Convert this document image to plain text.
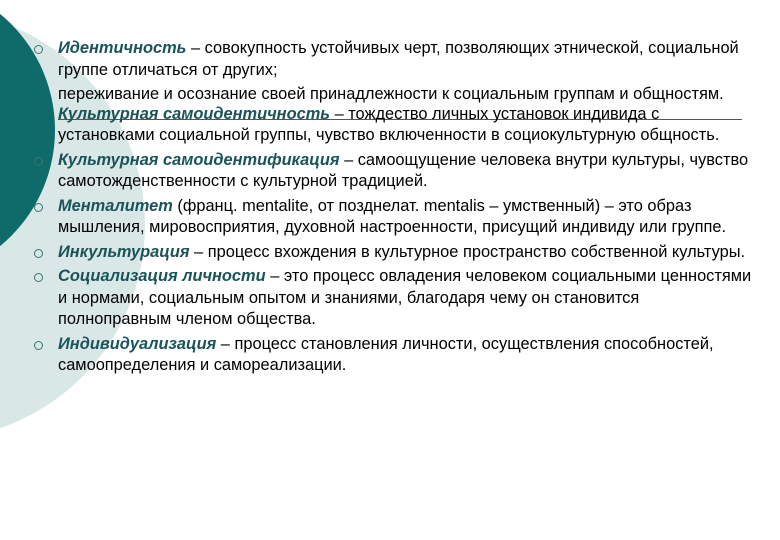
Идентичность – совокупность устойчивых черт, позволяющих этнической, социальной группе отличаться от других;
переживание и осознание своей принадлежности к социальным группам и общностям.
Культурная самоидентичность – тождество личных установок индивида с установками социальной группы, чувство включенности в социокультурную общность.
Культурная самоидентификация – самоощущение человека внутри культуры, чувство самотожденственности с культурной традицией.
Менталитет (франц. mentalite, от позднелат. mentalis – умственный) – это образ мышления, мировосприятия, духовной настроенности, присущий индивиду или группе.
Инкультурация – процесс вхождения в культурное пространство собственной культуры.
Социализация личности – это процесс овладения человеком социальными ценностями и нормами, социальным опытом и знаниями, благодаря чему он становится полноправным членом общества.
Индивидуализация – процесс становления личности, осуществления способностей, самоопределения и самореализации.
